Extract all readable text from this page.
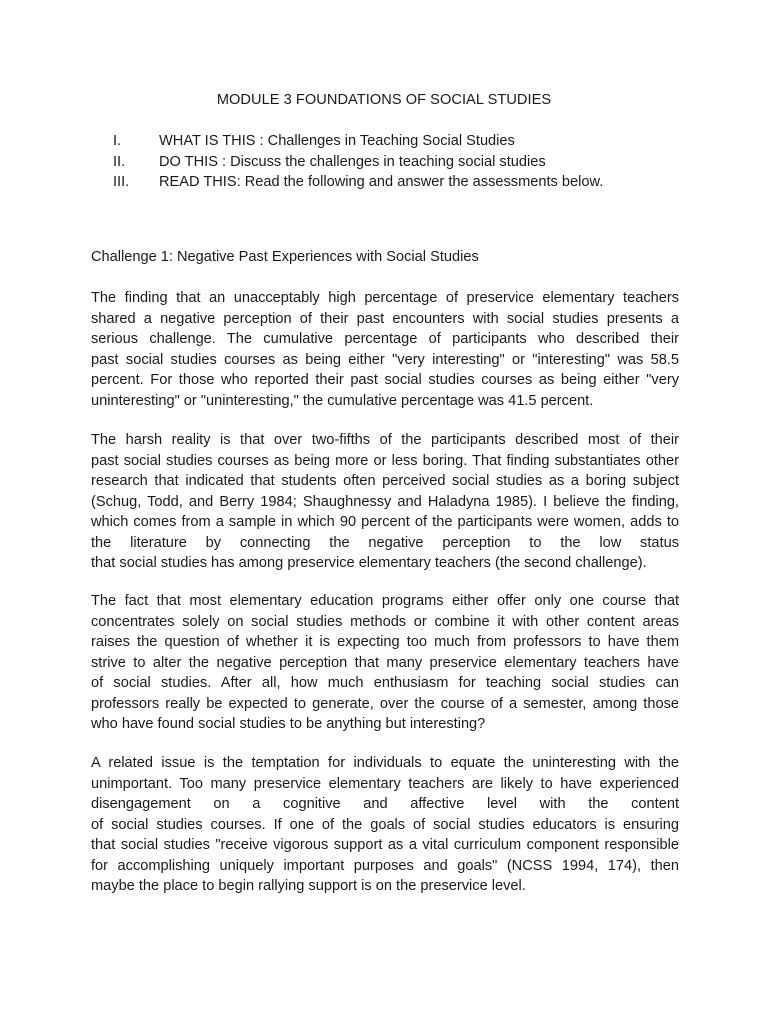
MODULE 3 FOUNDATIONS OF SOCIAL STUDIES
I.	WHAT IS THIS : Challenges in Teaching Social Studies
II. DO THIS : Discuss the challenges in teaching social studies
III. READ THIS: Read the following and answer the assessments below.

Challenge 1: Negative Past Experiences with Social Studies

The finding that an unacceptably high percentage of preservice elementary teachers
shared a negative perception of their past encounters with social studies presents a
serious challenge. The cumulative percentage of participants who described their
past social studies courses as being either "very interesting" or "interesting" was 58.5
percent. For those who reported their past social studies courses as being either "very
uninteresting" or "uninteresting," the cumulative percentage was 41.5 percent.

The harsh reality is that over two-fifths of the participants described most of their
past social studies courses as being more or less boring. That finding substantiates other
research that indicated that students often perceived social studies as a boring subject
(Schug, Todd, and Berry 1984; Shaughnessy and Haladyna 1985). I believe the finding,
which comes from a sample in which 90 percent of the participants were women, adds to
the literature by connecting the negative perception to the low status
that social studies has among preservice elementary teachers (the second challenge).

The fact that most elementary education programs either offer only one course that
concentrates solely on social studies methods or combine it with other content areas
raises the question of whether it is expecting too much from professors to have them
strive to alter the negative perception that many preservice elementary teachers have
of social studies. After all, how much enthusiasm for teaching social studies can
professors really be expected to generate, over the course of a semester, among those
who have found social studies to be anything but interesting?

A related issue is the temptation for individuals to equate the uninteresting with the
unimportant. Too many preservice elementary teachers are likely to have experienced
disengagement on a cognitive and affective level with the content
of social studies courses. If one of the goals of social studies educators is ensuring
that social studies "receive vigorous support as a vital curriculum component responsible
for accomplishing uniquely important purposes and goals" (NCSS 1994, 174), then
maybe the place to begin rallying support is on the preservice level.
